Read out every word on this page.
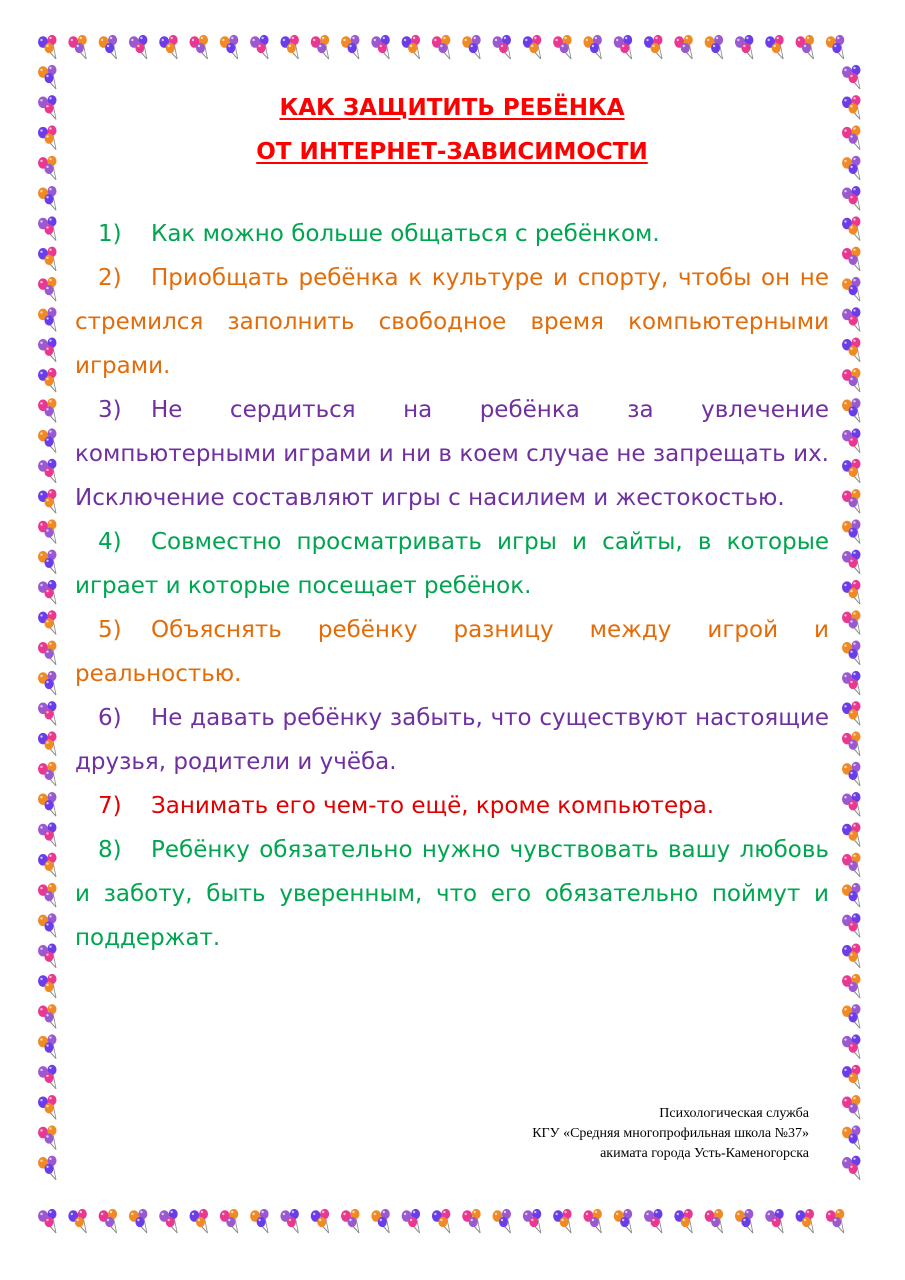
КАК ЗАЩИТИТЬ РЕБЁНКА

ОТ ИНТЕРНЕТ-ЗАВИСИМОСТИ

1) Как можно больше общаться с ребёнком.

2) Приобщать ребёнка к культуре и спорту, чтобы он не стремился заполнить свободное время компьютерными играми.

3) Не сердиться на ребёнка за увлечение компьютерными играми и ни в коем случае не запрещать их. Исключение составляют игры с насилием и жестокостью.

4) Совместно просматривать игры и сайты, в которые играет и которые посещает ребёнок.

5) Объяснять ребёнку разницу между игрой и реальностью.

6) Не давать ребёнку забыть, что существуют настоящие друзья, родители и учёба.

7) Занимать его чем-то ещё, кроме компьютера.

8) Ребёнку обязательно нужно чувствовать вашу любовь и заботу, быть уверенным, что его обязательно поймут и поддержат.

Психологическая служба
КГУ «Средняя многопрофильная школа №37»
акимата города Усть-Каменогорска
